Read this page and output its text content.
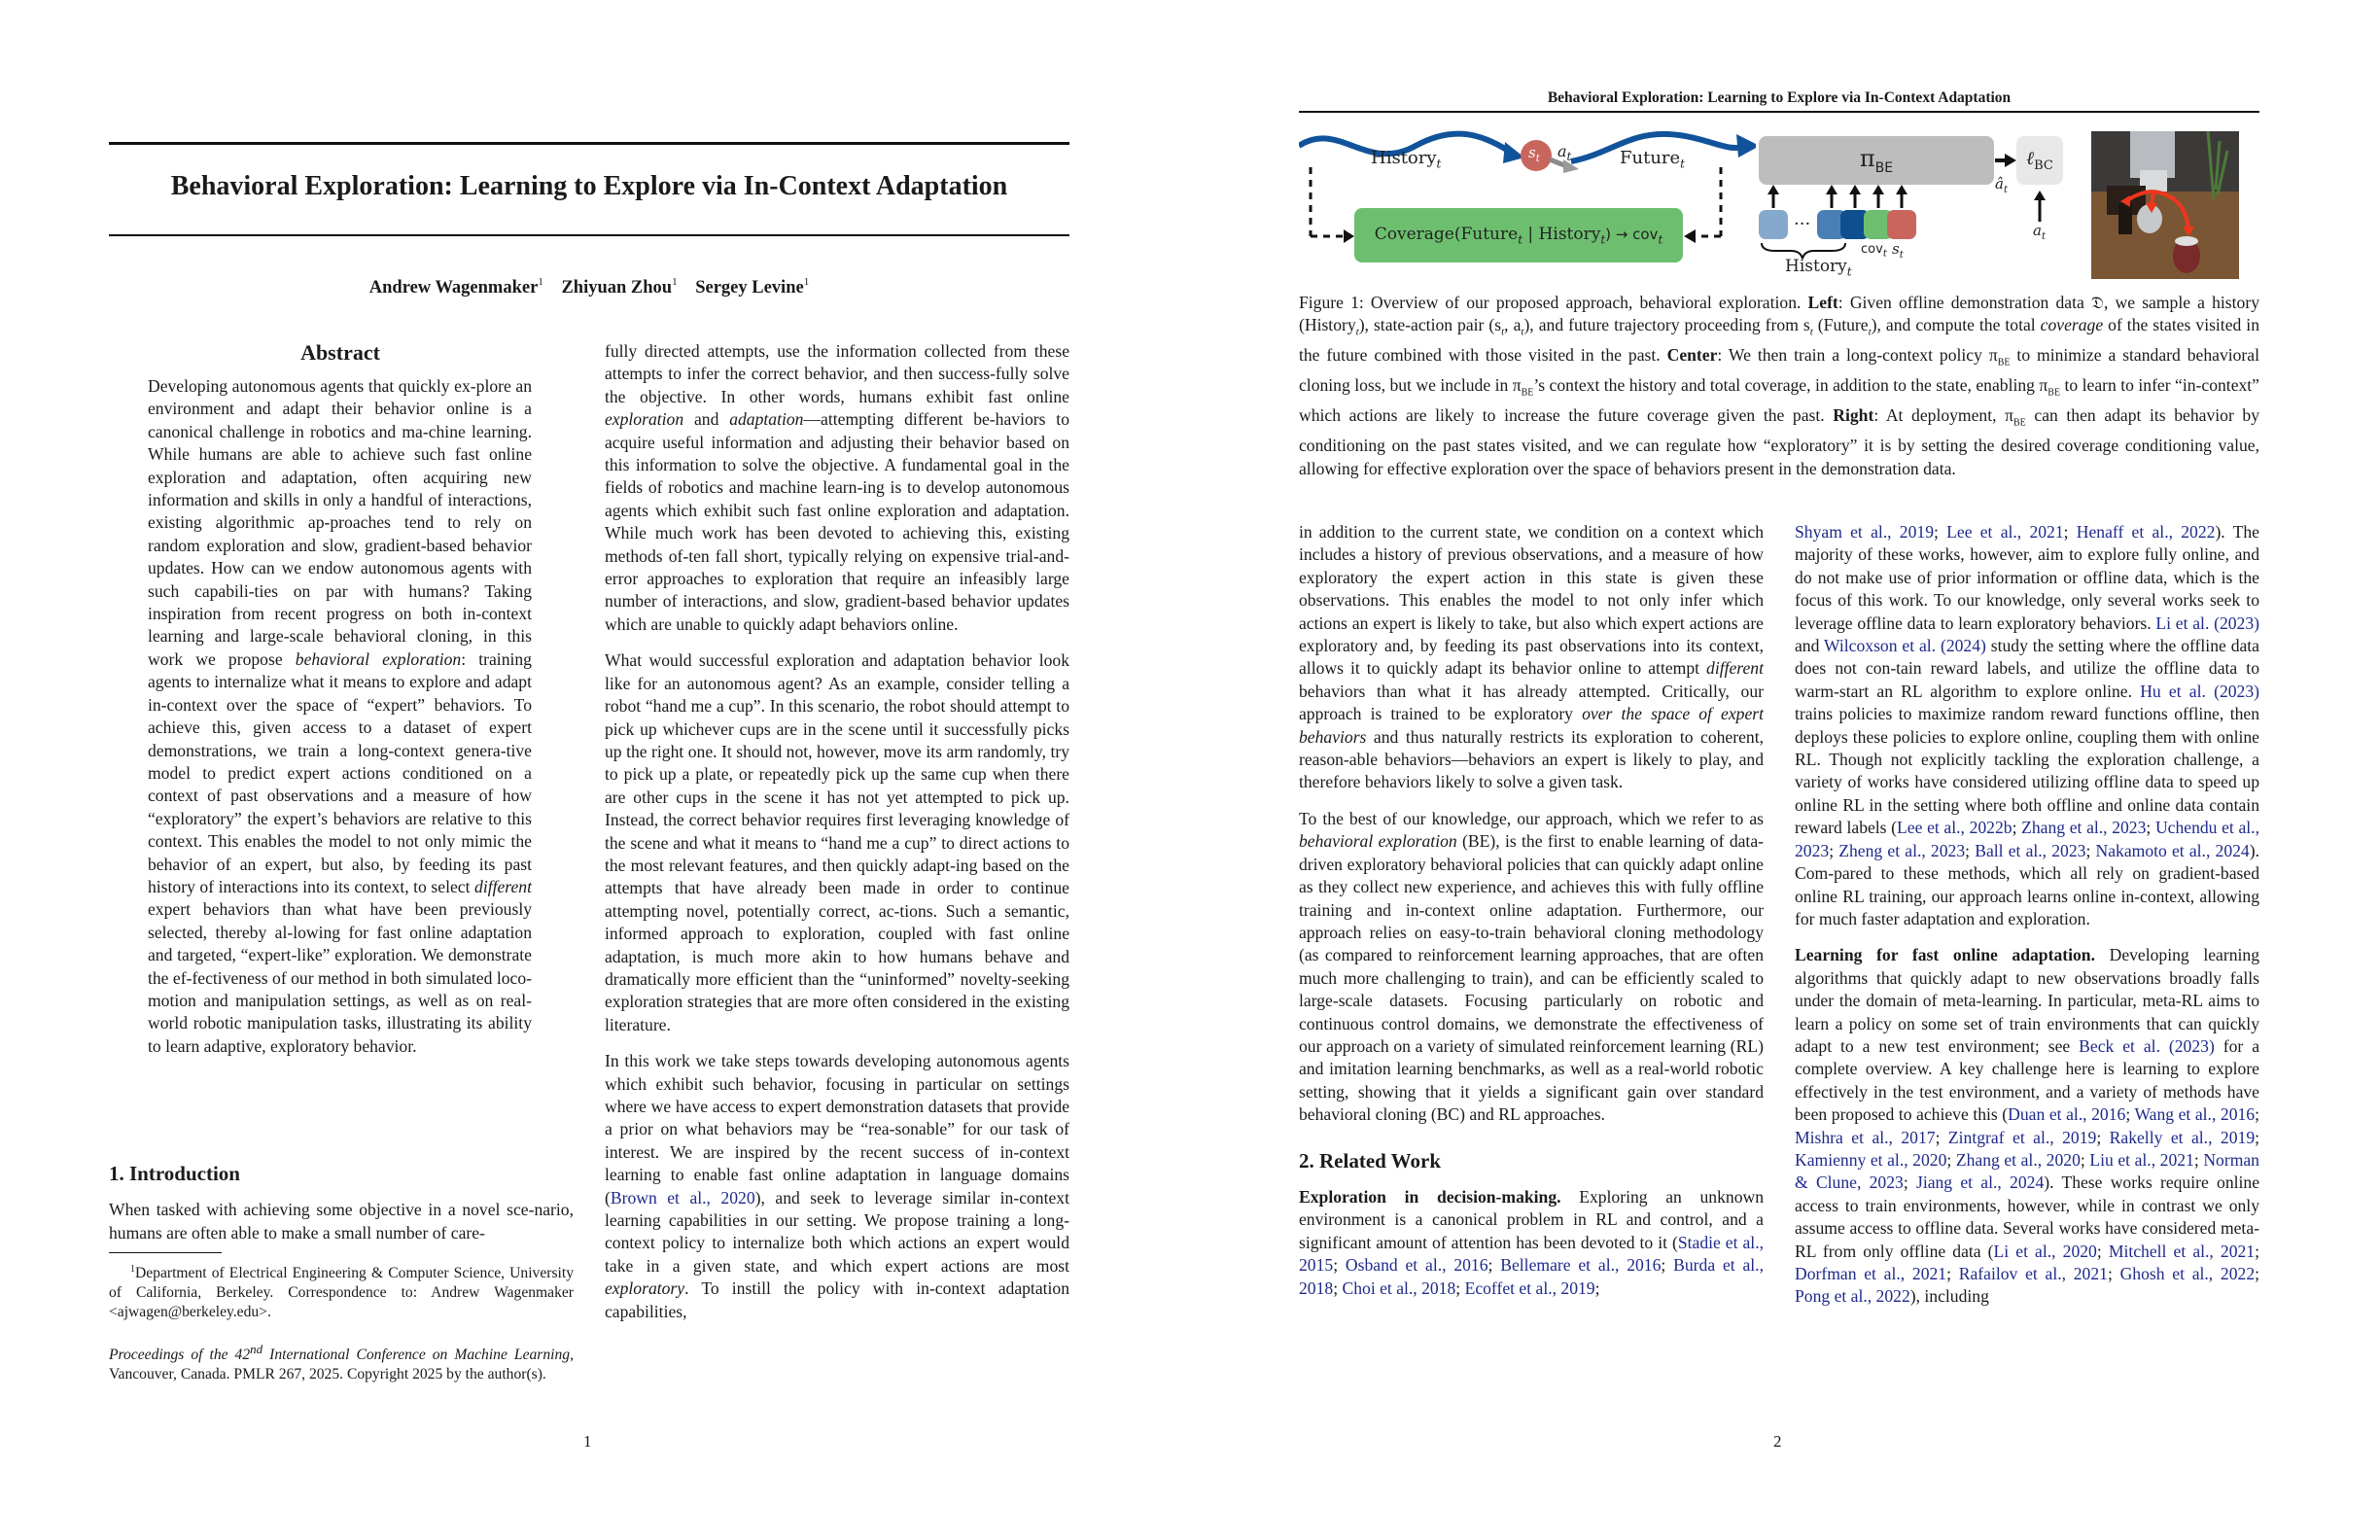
Behavioral Exploration: Learning to Explore via In-Context Adaptation
Andrew Wagenmaker$^1$ Zhiyuan Zhou$^1$ Sergey Levine$^1$
Abstract

Developing autonomous agents that quickly ex-plore an environment and adapt their behavior online is a canonical challenge in robotics and ma-chine learning. While humans are able to achieve such fast online exploration and adaptation, often acquiring new information and skills in only a handful of interactions, existing algorithmic ap-proaches tend to rely on random exploration and slow, gradient-based behavior updates. How can we endow autonomous agents with such capabili-ties on par with humans? Taking inspiration from recent progress on both in-context learning and large-scale behavioral cloning, in this work we propose behavioral exploration: training agents to internalize what it means to explore and adapt in-context over the space of “expert” behaviors. To achieve this, given access to a dataset of expert demonstrations, we train a long-context genera-tive model to predict expert actions conditioned on a context of past observations and a measure of how “exploratory” the expert’s behaviors are relative to this context. This enables the model to not only mimic the behavior of an expert, but also, by feeding its past history of interactions into its context, to select different expert behaviors than what have been previously selected, thereby al-lowing for fast online adaptation and targeted, “expert-like” exploration. We demonstrate the ef-fectiveness of our method in both simulated loco-motion and manipulation settings, as well as on real-world robotic manipulation tasks, illustrating its ability to learn adaptive, exploratory behavior.

1. Introduction

When tasked with achieving some objective in a novel sce-nario, humans are often able to make a small number of care-

$^1$Department of Electrical Engineering & Computer Science, University of California, Berkeley. Correspondence to: Andrew Wagenmaker <ajwagen@berkeley.edu>.

Proceedings of the 42nd International Conference on Machine Learning, Vancouver, Canada. PMLR 267, 2025. Copyright 2025 by the author(s).

fully directed attempts, use the information collected from these attempts to infer the correct behavior, and then success-fully solve the objective. In other words, humans exhibit fast online exploration and adaptation—attempting different be-haviors to acquire useful information and adjusting their behavior based on this information to solve the objective. A fundamental goal in the fields of robotics and machine learn-ing is to develop autonomous agents which exhibit such fast online exploration and adaptation. While much work has been devoted to achieving this, existing methods of-ten fall short, typically relying on expensive trial-and-error approaches to exploration that require an infeasibly large number of interactions, and slow, gradient-based behavior updates which are unable to quickly adapt behaviors online.

What would successful exploration and adaptation behavior look like for an autonomous agent? As an example, consider telling a robot “hand me a cup”. In this scenario, the robot should attempt to pick up whichever cups are in the scene until it successfully picks up the right one. It should not, however, move its arm randomly, try to pick up a plate, or repeatedly pick up the same cup when there are other cups in the scene it has not yet attempted to pick up. Instead, the correct behavior requires first leveraging knowledge of the scene and what it means to “hand me a cup” to direct actions to the most relevant features, and then quickly adapt-ing based on the attempts that have already been made in order to continue attempting novel, potentially correct, ac-tions. Such a semantic, informed approach to exploration, coupled with fast online adaptation, is much more akin to how humans behave and dramatically more efficient than the “uninformed” novelty-seeking exploration strategies that are more often considered in the existing literature.

In this work we take steps towards developing autonomous agents which exhibit such behavior, focusing in particular on settings where we have access to expert demonstration datasets that provide a prior on what behaviors may be “rea-sonable” for our task of interest. We are inspired by the recent success of in-context learning to enable fast online adaptation in language domains (Brown et al., 2020), and seek to leverage similar in-context learning capabilities in our setting. We propose training a long-context policy to internalize both which actions an expert would take in a given state, and which expert actions are most exploratory. To instill the policy with in-context adaptation capabilities,

1
Behavioral Exploration: Learning to Explore via In-Context Adaptation
History$_t$
$s_t$ $a_t$	Future$_t$
Coverage(Future$_t$ | History$_t$) → cov$_t$
$\pi_{BE}$
···
cov$_t$ $s_t$
History$_t$
ℓ$_{BC}$
$â_t$
$a_t$
Figure 1: Overview of our proposed approach, behavioral exploration. Left: Given offline demonstration data 𝔇, we sample a history (History$_t$), state-action pair ($s_t$, $a_t$), and future trajectory proceeding from $s_t$ (Future$_t$), and compute the total coverage of the states visited in the future combined with those visited in the past. Center: We then train a long-context policy $\pi_{BE}$ to minimize a standard behavioral cloning loss, but we include in $\pi_{BE}’s$ context the history and total coverage, in addition to the state, enabling $\pi_{BE}$ to learn to infer “in-context” which actions are likely to increase the future coverage given the past. Right: At deployment, $\pi_{BE}$ can then adapt its behavior by conditioning on the past states visited, and we can regulate how “exploratory” it is by setting the desired coverage conditioning value, allowing for effective exploration over the space of behaviors present in the demonstration data.

in addition to the current state, we condition on a context which includes a history of previous observations, and a measure of how exploratory the expert action in this state is given these observations. This enables the model to not only infer which actions an expert is likely to take, but also which expert actions are exploratory and, by feeding its past observations into its context, allows it to quickly adapt its behavior online to attempt different behaviors than what it has already attempted. Critically, our approach is trained to be exploratory over the space of expert behaviors and thus naturally restricts its exploration to coherent, reason-able behaviors—behaviors an expert is likely to play, and therefore behaviors likely to solve a given task.

To the best of our knowledge, our approach, which we refer to as behavioral exploration (BE), is the first to enable learning of data-driven exploratory behavioral policies that can quickly adapt online as they collect new experience, and achieves this with fully offline training and in-context online adaptation. Furthermore, our approach relies on easy-to-train behavioral cloning methodology (as compared to reinforcement learning approaches, that are often much more challenging to train), and can be efficiently scaled to large-scale datasets. Focusing particularly on robotic and continuous control domains, we demonstrate the effectiveness of our approach on a variety of simulated reinforcement learning (RL) and imitation learning benchmarks, as well as a real-world robotic setting, showing that it yields a significant gain over standard behavioral cloning (BC) and RL approaches.

2. Related Work

Exploration in decision-making. Exploring an unknown environment is a canonical problem in RL and control, and a significant amount of attention has been devoted to it (Stadie et al., 2015; Osband et al., 2016; Bellemare et al., 2016; Burda et al., 2018; Choi et al., 2018; Ecoffet et al., 2019;

Shyam et al., 2019; Lee et al., 2021; Henaff et al., 2022). The majority of these works, however, aim to explore fully online, and do not make use of prior information or offline data, which is the focus of this work. To our knowledge, only several works seek to leverage offline data to learn exploratory behaviors. Li et al. (2023) and Wilcoxson et al. (2024) study the setting where the offline data does not con-tain reward labels, and utilize the offline data to warm-start an RL algorithm to explore online. Hu et al. (2023) trains policies to maximize random reward functions offline, then deploys these policies to explore online, coupling them with online RL. Though not explicitly tackling the exploration challenge, a variety of works have considered utilizing offline data to speed up online RL in the setting where both offline and online data contain reward labels (Lee et al., 2022b; Zhang et al., 2023; Uchendu et al., 2023; Zheng et al., 2023; Ball et al., 2023; Nakamoto et al., 2024). Com-pared to these methods, which all rely on gradient-based online RL training, our approach learns online in-context, allowing for much faster adaptation and exploration.

Learning for fast online adaptation. Developing learning algorithms that quickly adapt to new observations broadly falls under the domain of meta-learning. In particular, meta-RL aims to learn a policy on some set of train environments that can quickly adapt to a new test environment; see Beck et al. (2023) for a complete overview. A key challenge here is learning to explore effectively in the test environment, and a variety of methods have been proposed to achieve this (Duan et al., 2016; Wang et al., 2016; Mishra et al., 2017; Zintgraf et al., 2019; Rakelly et al., 2019; Kamienny et al., 2020; Zhang et al., 2020; Liu et al., 2021; Norman & Clune, 2023; Jiang et al., 2024). These works require online access to train environments, however, while in contrast we only assume access to offline data. Several works have considered meta-RL from only offline data (Li et al., 2020; Mitchell et al., 2021; Dorfman et al., 2021; Rafailov et al., 2021; Ghosh et al., 2022; Pong et al., 2022), including

2
